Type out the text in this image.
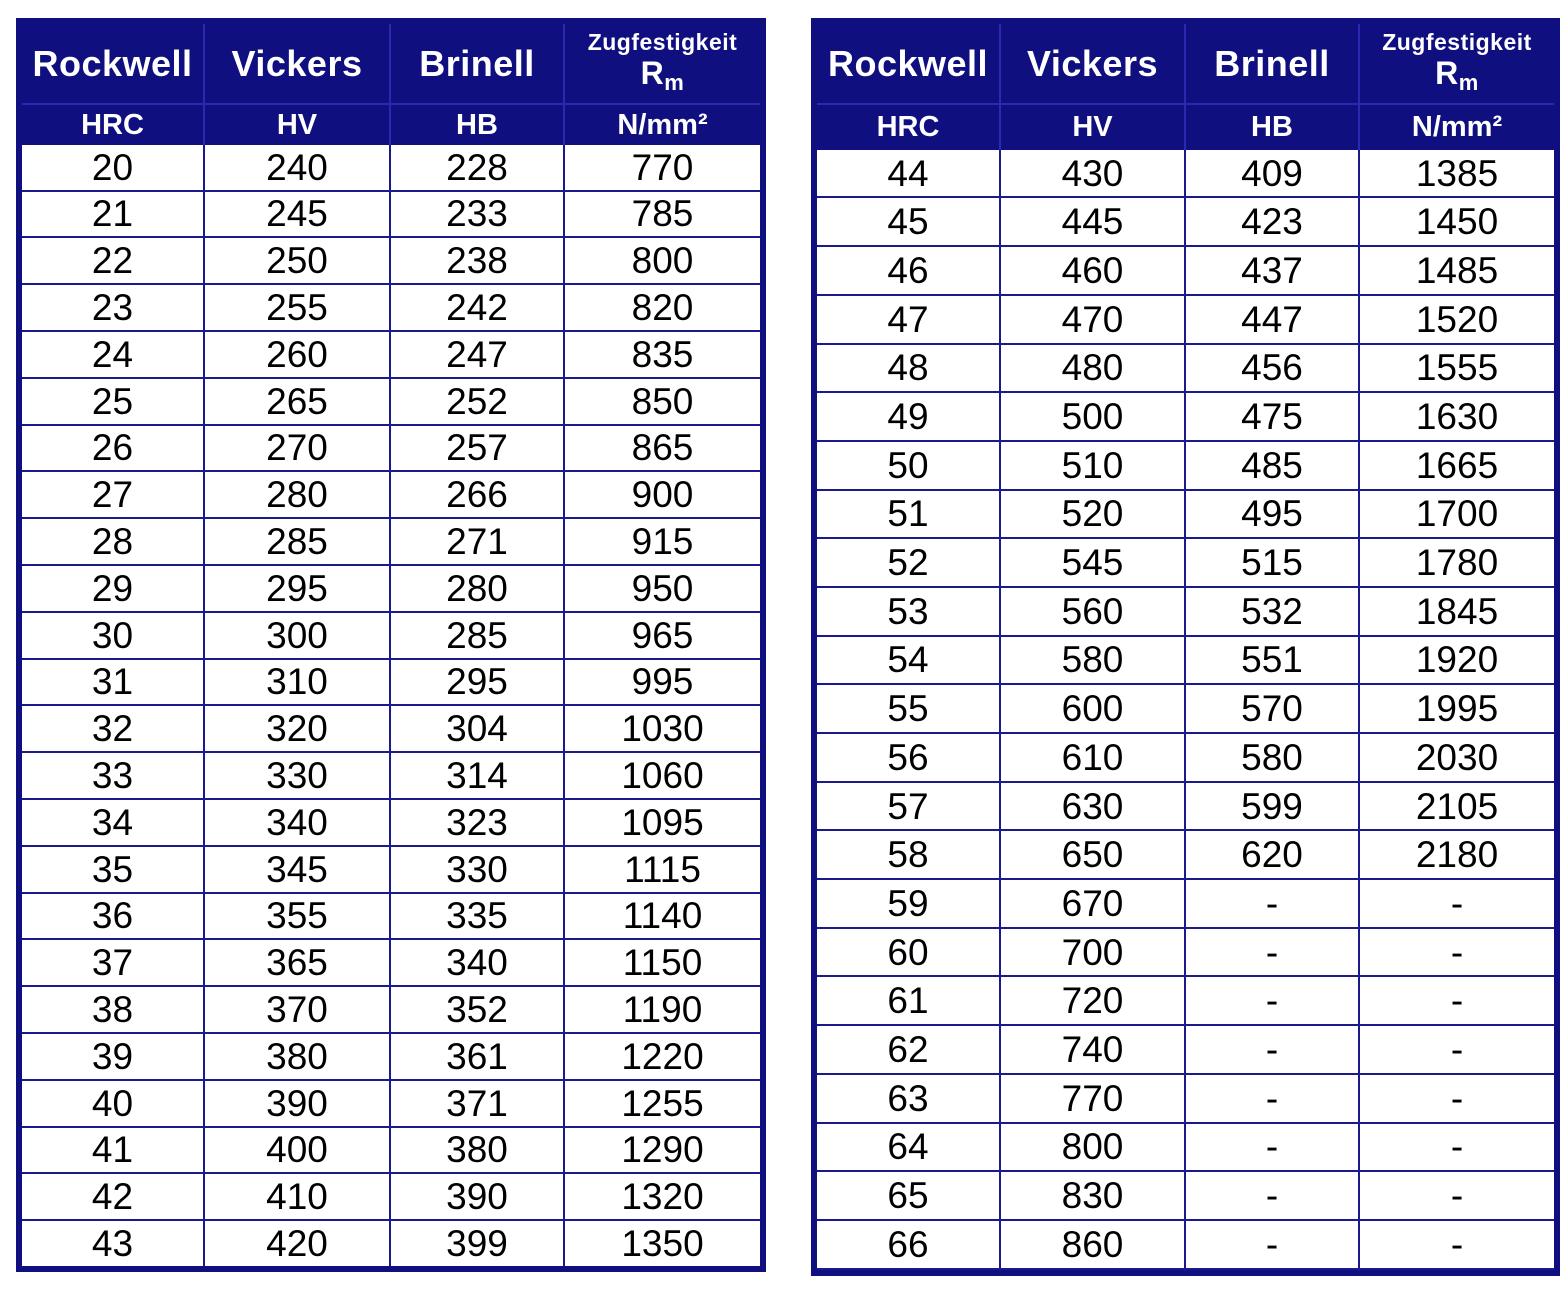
Rockwell	Vickers	Brinell	Zugfestigkeit
$R_m$

HRC	HV	HB	N/mm²
20	240	228	770
21	245	233	785
22	250	238	800
23	255	242	820
24	260	247	835
25	265	252	850
26	270	257	865
27	280	266	900
28	285	271	915
29	295	280	950
30	300	285	965
31	310	295	995
32	320	304	1030
33	330	314	1060
34	340	323	1095
35	345	330	1115
36	355	335	1140
37	365	340	1150
38	370	352	1190
39	380	361	1220
40	390	371	1255
41	400	380	1290
42	410	390	1320
43	420	399	1350
Rockwell	Vickers	Brinell	Zugfestigkeit
$R_m$

HRC	HV	HB	N/mm²
44	430	409	1385
45	445	423	1450
46	460	437	1485
47	470	447	1520
48	480	456	1555
49	500	475	1630
50	510	485	1665
51	520	495	1700
52	545	515	1780
53	560	532	1845
54	580	551	1920
55	600	570	1995
56	610	580	2030
57	630	599	2105
58	650	620	2180
59	670	-	-
60	700	-	-
61	720	-	-
62	740	-	-
63	770	-	-
64	800	-	-
65	830	-	-
66	860	-	-
